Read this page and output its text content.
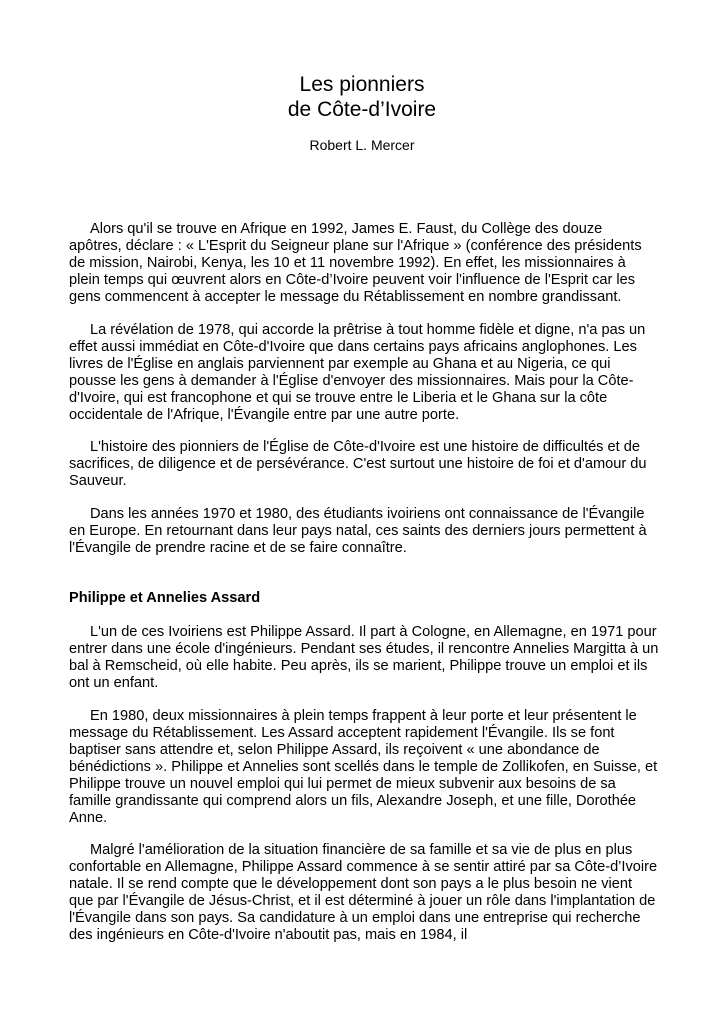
Les pionniers
de Côte-d’Ivoire

Robert L. Mercer

Alors qu'il se trouve en Afrique en 1992, James E. Faust, du Collège des douze apôtres, déclare : « L'Esprit du Seigneur plane sur l'Afrique » (conférence des présidents de mission, Nairobi, Kenya, les 10 et 11 novembre 1992). En effet, les missionnaires à plein temps qui œuvrent alors en Côte-d’Ivoire peuvent voir l'influence de l'Esprit car les gens commencent à accepter le message du Rétablissement en nombre grandissant.

La révélation de 1978, qui accorde la prêtrise à tout homme fidèle et digne, n'a pas un effet aussi immédiat en Côte-d'Ivoire que dans certains pays africains anglophones. Les livres de l'Église en anglais parviennent par exemple au Ghana et au Nigeria, ce qui pousse les gens à demander à l'Église d'envoyer des missionnaires. Mais pour la Côte-d'Ivoire, qui est francophone et qui se trouve entre le Liberia et le Ghana sur la côte occidentale de l'Afrique, l'Évangile entre par une autre porte.

L'histoire des pionniers de l'Église de Côte-d'Ivoire est une histoire de difficultés et de sacrifices, de diligence et de persévérance. C'est surtout une histoire de foi et d'amour du Sauveur.

Dans les années 1970 et 1980, des étudiants ivoiriens ont connaissance de l'Évangile en Europe. En retournant dans leur pays natal, ces saints des derniers jours permettent à l'Évangile de prendre racine et de se faire connaître.

Philippe et Annelies Assard

L'un de ces Ivoiriens est Philippe Assard. Il part à Cologne, en Allemagne, en 1971 pour entrer dans une école d'ingénieurs. Pendant ses études, il rencontre Annelies Margitta à un bal à Remscheid, où elle habite. Peu après, ils se marient, Philippe trouve un emploi et ils ont un enfant.

En 1980, deux missionnaires à plein temps frappent à leur porte et leur présentent le message du Rétablissement. Les Assard acceptent rapidement l'Évangile. Ils se font baptiser sans attendre et, selon Philippe Assard, ils reçoivent « une abondance de bénédictions ». Philippe et Annelies sont scellés dans le temple de Zollikofen, en Suisse, et Philippe trouve un nouvel emploi qui lui permet de mieux subvenir aux besoins de sa famille grandissante qui comprend alors un fils, Alexandre Joseph, et une fille, Dorothée Anne.

Malgré l'amélioration de la situation financière de sa famille et sa vie de plus en plus confortable en Allemagne, Philippe Assard commence à se sentir attiré par sa Côte-d’Ivoire natale. Il se rend compte que le développement dont son pays a le plus besoin ne vient que par l'Évangile de Jésus-Christ, et il est déterminé à jouer un rôle dans l'implantation de l'Évangile dans son pays. Sa candidature à un emploi dans une entreprise qui recherche des ingénieurs en Côte-d'Ivoire n'aboutit pas, mais en 1984, il
